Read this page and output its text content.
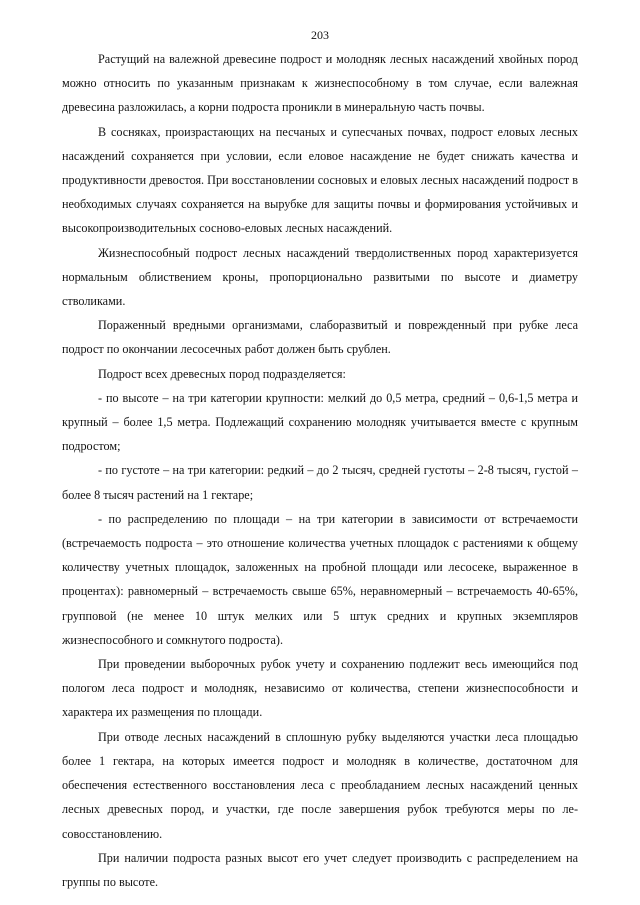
203

Растущий на валежной древесине подрост и молодняк лесных насаждений хвойных пород можно относить по указанным признакам к жизнеспособному в том случае, если валежная древесина разложилась, а корни подроста проникли в минеральную часть почвы.

В сосняках, произрастающих на песчаных и супесчаных почвах, подрост еловых лесных насаждений сохраняется при условии, если еловое насаждение не будет снижать качества и продуктивности древостоя. При восстановлении сосновых и еловых лесных насаждений подрост в необходимых случаях сохраняется на вырубке для защиты почвы и формирования устойчивых и высокопроизводительных сосново-еловых лесных насаждений.

Жизнеспособный подрост лесных насаждений твердолиственных пород характеризуется нормальным облиствением кроны, пропорционально развитыми по высоте и диаметру стволиками.

Пораженный вредными организмами, слаборазвитый и поврежденный при рубке леса подрост по окончании лесосечных работ должен быть срублен.

Подрост всех древесных пород подразделяется:

- по высоте – на три категории крупности: мелкий до 0,5 метра, средний – 0,6-1,5 метра и крупный – более 1,5 метра. Подлежащий сохранению молодняк учитывается вместе с крупным подростом;

- по густоте – на три категории: редкий – до 2 тысяч, средней густоты – 2-8 тысяч, густой – более 8 тысяч растений на 1 гектаре;

- по распределению по площади – на три категории в зависимости от встречаемости (встречаемость подроста – это отношение количества учетных площадок с растениями к общему количеству учетных площадок, заложенных на пробной площади или лесосеке, выраженное в процентах): равномерный – встречаемость свыше 65%, неравномерный – встречаемость 40-65%, групповой (не менее 10 штук мелких или 5 штук средних и крупных экземпляров жизнеспособного и сомкнутого подроста).

При проведении выборочных рубок учету и сохранению подлежит весь имеющийся под пологом леса подрост и молодняк, независимо от количества, степени жизнеспособности и характера их размещения по площади.

При отводе лесных насаждений в сплошную рубку выделяются участки леса площадью более 1 гектара, на которых имеется подрост и молодняк в количестве, достаточном для обеспечения естественного восстановления леса с преобладанием лесных насаждений ценных лесных древесных пород, и участки, где после завершения рубок требуются меры по лесовосстановлению.

При наличии подроста разных высот его учет следует производить с распределением на группы по высоте.
